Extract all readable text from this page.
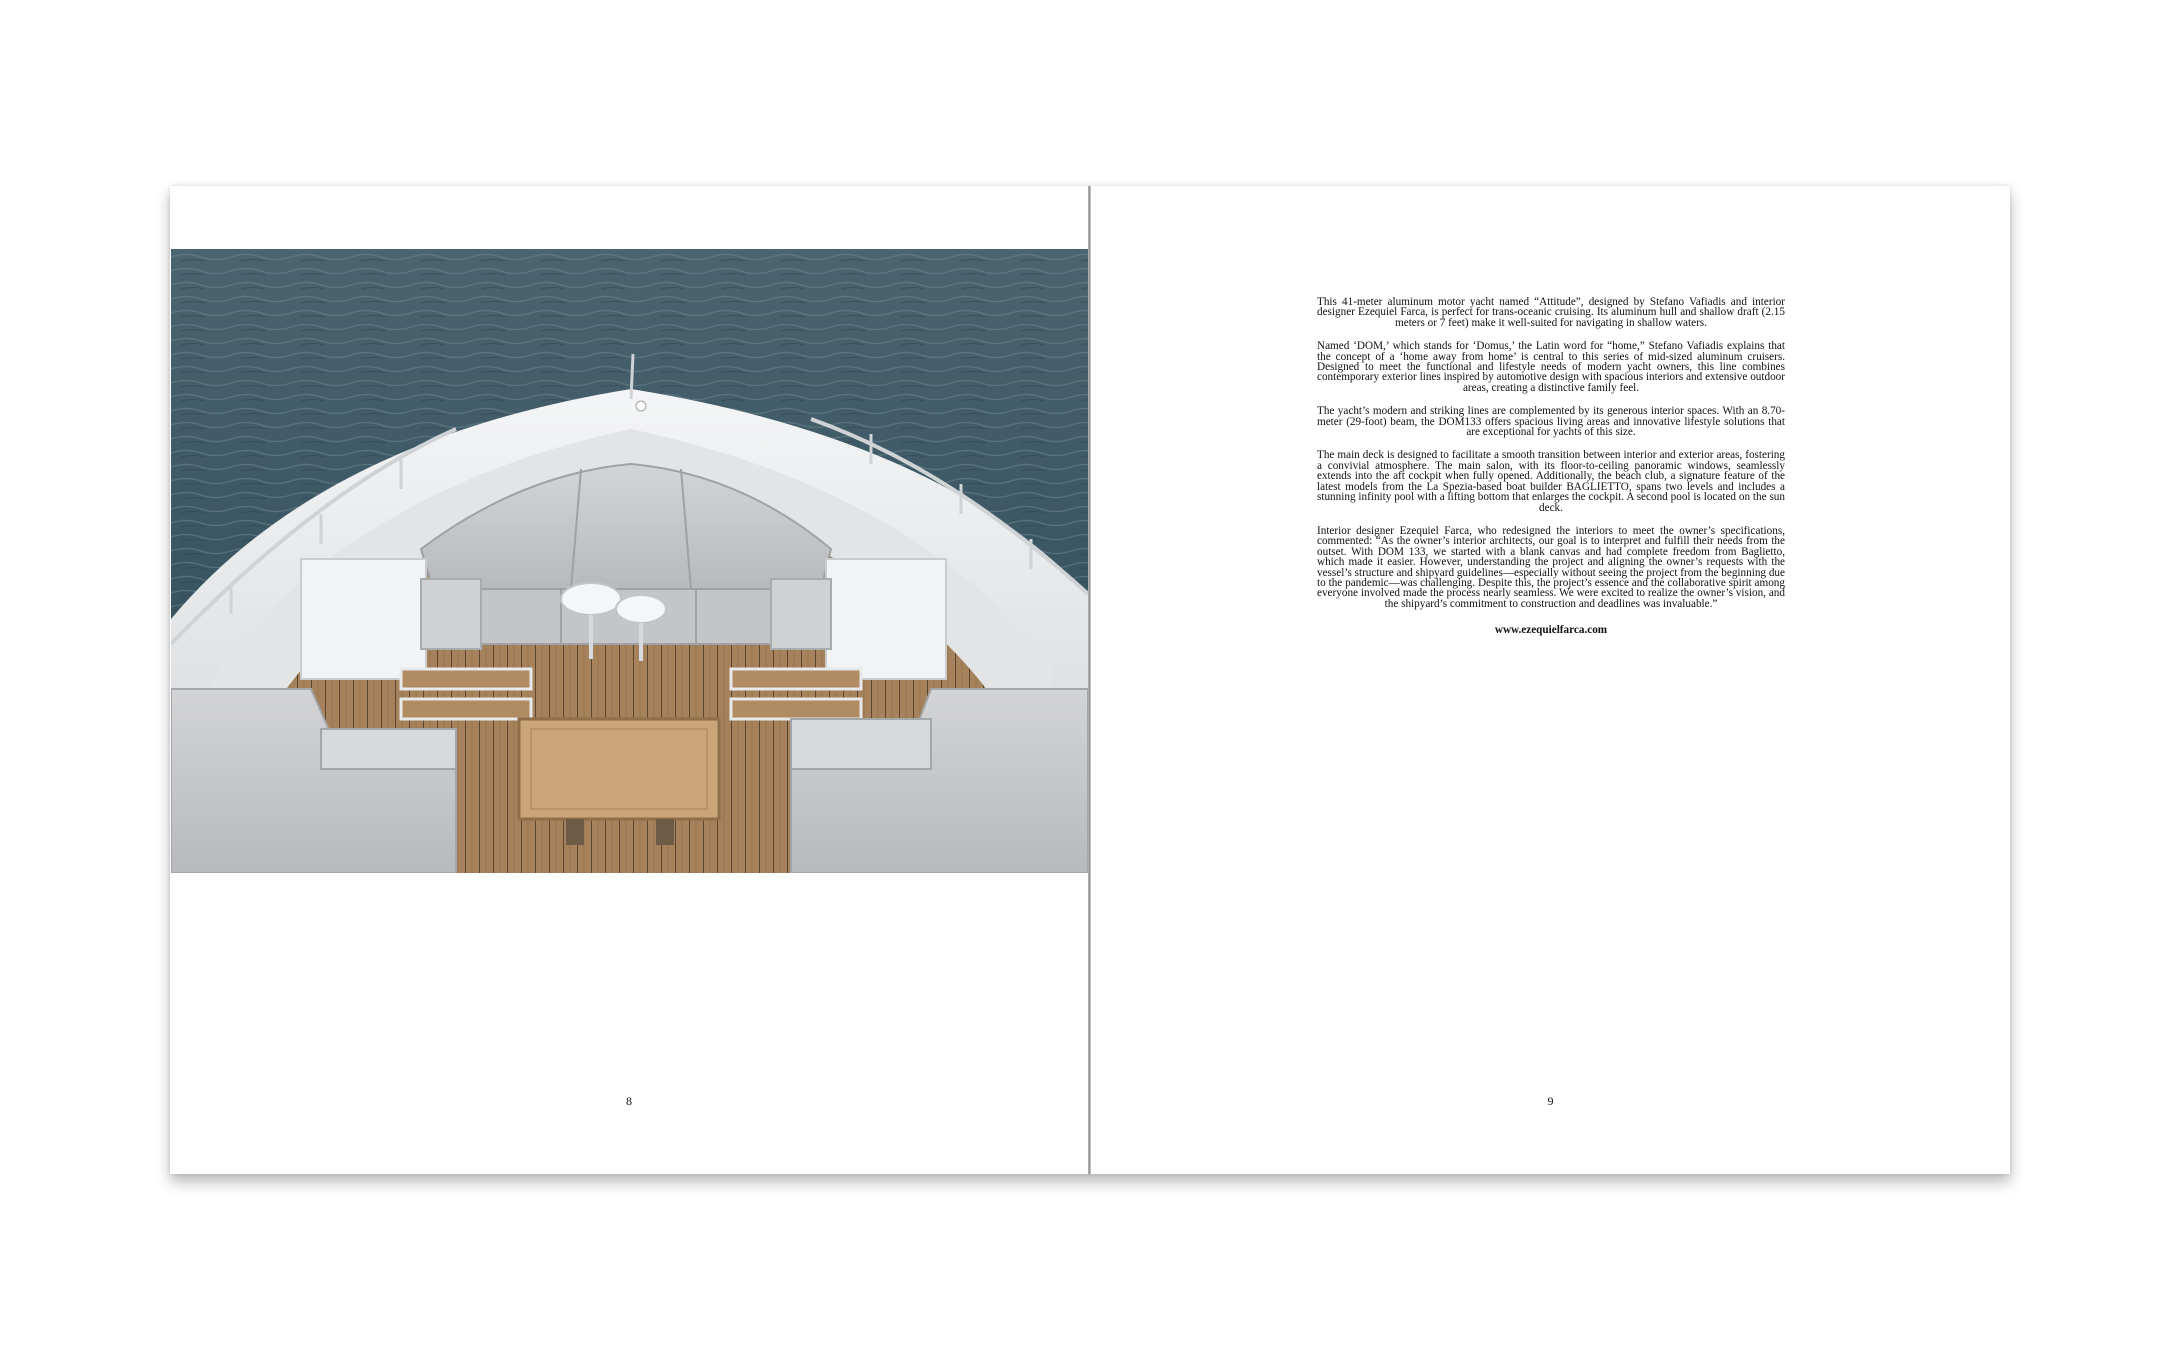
8

This 41-meter aluminum motor yacht named “Attitude”, designed by Stefano Vafiadis and interior designer Ezequiel Farca, is perfect for trans-oceanic cruising. Its aluminum hull and shallow draft (2.15 meters or 7 feet) make it well-suited for navigating in shallow waters.

Named ‘DOM,’ which stands for ‘Domus,’ the Latin word for “home,” Stefano Vafiadis explains that the concept of a ‘home away from home’ is central to this series of mid-sized aluminum cruisers. Designed to meet the functional and lifestyle needs of modern yacht owners, this line combines contemporary exterior lines inspired by automotive design with spacious interiors and extensive outdoor areas, creating a distinctive family feel.

The yacht’s modern and striking lines are complemented by its generous interior spaces. With an 8.70-meter (29-foot) beam, the DOM133 offers spacious living areas and innovative lifestyle solutions that are exceptional for yachts of this size.

The main deck is designed to facilitate a smooth transition between interior and exterior areas, fostering a convivial atmosphere. The main salon, with its floor-to-ceiling panoramic windows, seamlessly extends into the aft cockpit when fully opened. Additionally, the beach club, a signature feature of the latest models from the La Spezia-based boat builder BAGLIETTO, spans two levels and includes a stunning infinity pool with a lifting bottom that enlarges the cockpit. A second pool is located on the sun deck.

Interior designer Ezequiel Farca, who redesigned the interiors to meet the owner’s specifications, commented: “As the owner’s interior architects, our goal is to interpret and fulfill their needs from the outset. With DOM 133, we started with a blank canvas and had complete freedom from Baglietto, which made it easier. However, understanding the project and aligning the owner’s requests with the vessel’s structure and shipyard guidelines—especially without seeing the project from the beginning due to the pandemic—was challenging. Despite this, the project’s essence and the collaborative spirit among everyone involved made the process nearly seamless. We were excited to realize the owner’s vision, and the shipyard’s commitment to construction and deadlines was invaluable.”

www.ezequielfarca.com
9
